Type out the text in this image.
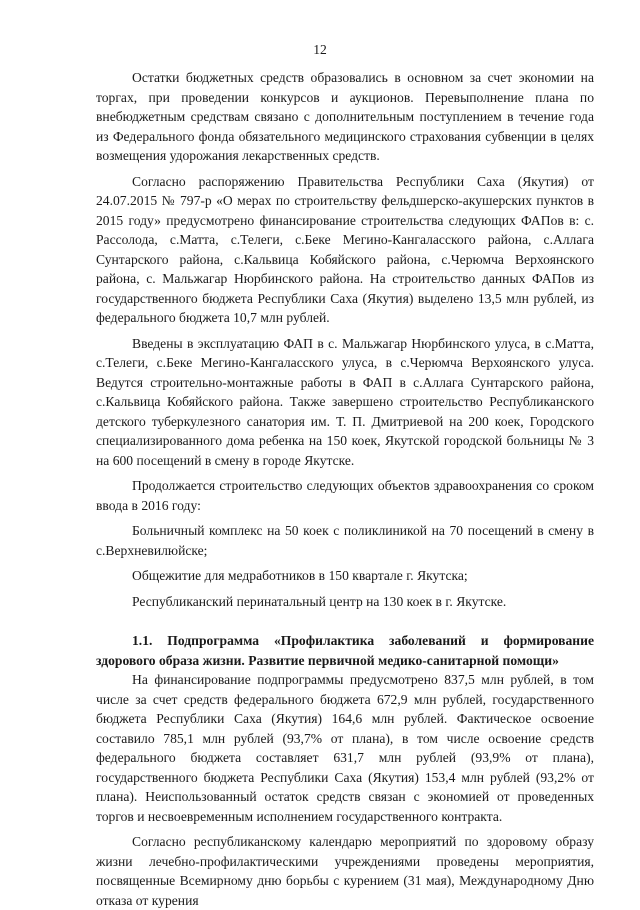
12

Остатки бюджетных средств образовались в основном за счет экономии на торгах, при проведении конкурсов и аукционов. Перевыполнение плана по внебюджетным средствам связано с дополнительным поступлением в течение года из Федерального фонда обязательного медицинского страхования субвенции в целях возмещения удорожания лекарственных средств.

Согласно распоряжению Правительства Республики Саха (Якутия) от 24.07.2015 № 797-р «О мерах по строительству фельдшерско-акушерских пунктов в 2015 году» предусмотрено финансирование строительства следующих ФАПов в: с. Рассолода, с.Матта, с.Телеги, с.Беке Мегино-Кангаласского района, с.Аллага Сунтарского района, с.Кальвица Кобяйского района, с.Черюмча Верхоянского района, с. Мальжагар Нюрбинского района. На строительство данных ФАПов из государственного бюджета Республики Саха (Якутия) выделено 13,5 млн рублей, из федерального бюджета 10,7 млн рублей.

Введены в эксплуатацию ФАП в с. Мальжагар Нюрбинского улуса, в с.Матта, с.Телеги, с.Беке Мегино-Кангаласского улуса, в с.Черюмча Верхоянского улуса. Ведутся строительно-монтажные работы в ФАП в с.Аллага Сунтарского района, с.Кальвица Кобяйского района. Также завершено строительство Республиканского детского туберкулезного санатория им. Т. П. Дмитриевой на 200 коек, Городского специализированного дома ребенка на 150 коек, Якутской городской больницы № 3 на 600 посещений в смену в городе Якутске.

Продолжается строительство следующих объектов здравоохранения со сроком ввода в 2016 году:

Больничный комплекс на 50 коек с поликлиникой на 70 посещений в смену в с.Верхневилюйске;

Общежитие для медработников в 150 квартале г. Якутска;

Республиканский перинатальный центр на 130 коек в г. Якутске.

1.1. Подпрограмма «Профилактика заболеваний и формирование здорового образа жизни. Развитие первичной медико-санитарной помощи»

На финансирование подпрограммы предусмотрено 837,5 млн рублей, в том числе за счет средств федерального бюджета 672,9 млн рублей, государственного бюджета Республики Саха (Якутия) 164,6 млн рублей. Фактическое освоение составило 785,1 млн рублей (93,7% от плана), в том числе освоение средств федерального бюджета составляет 631,7 млн рублей (93,9% от плана), государственного бюджета Республики Саха (Якутия) 153,4 млн рублей (93,2% от плана). Неиспользованный остаток средств связан с экономией от проведенных торгов и несвоевременным исполнением государственного контракта.

Согласно республиканскому календарю мероприятий по здоровому образу жизни лечебно-профилактическими учреждениями проведены мероприятия, посвященные Всемирному дню борьбы с курением (31 мая), Международному Дню отказа от курения
